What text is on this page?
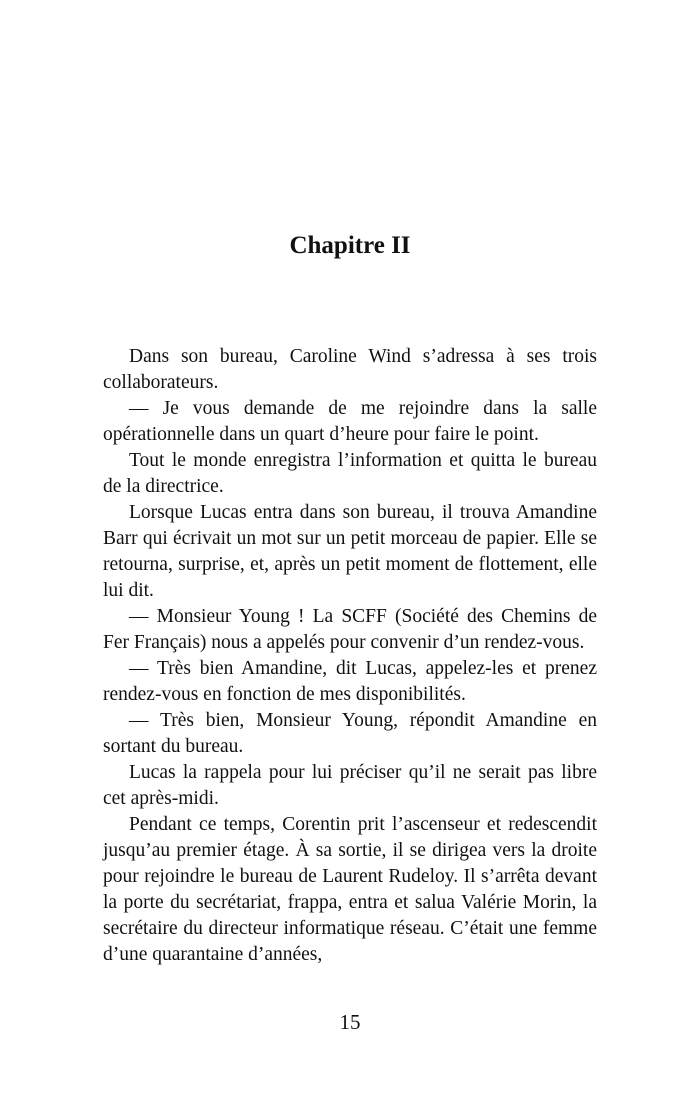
Chapitre II

Dans son bureau, Caroline Wind s’adressa à ses trois collaborateurs.

— Je vous demande de me rejoindre dans la salle opérationnelle dans un quart d’heure pour faire le point.

Tout le monde enregistra l’information et quitta le bureau de la directrice.

Lorsque Lucas entra dans son bureau, il trouva Amandine Barr qui écrivait un mot sur un petit morceau de papier. Elle se retourna, surprise, et, après un petit moment de flottement, elle lui dit.

— Monsieur Young ! La SCFF (Société des Chemins de Fer Français) nous a appelés pour convenir d’un rendez-vous.

— Très bien Amandine, dit Lucas, appelez-les et prenez rendez-vous en fonction de mes disponibilités.

— Très bien, Monsieur Young, répondit Amandine en sortant du bureau.

Lucas la rappela pour lui préciser qu’il ne serait pas libre cet après-midi.

Pendant ce temps, Corentin prit l’ascenseur et redescendit jusqu’au premier étage. À sa sortie, il se dirigea vers la droite pour rejoindre le bureau de Laurent Rudeloy. Il s’arrêta devant la porte du secrétariat, frappa, entra et salua Valérie Morin, la secrétaire du directeur informatique réseau. C’était une femme d’une quarantaine d’années,

15
